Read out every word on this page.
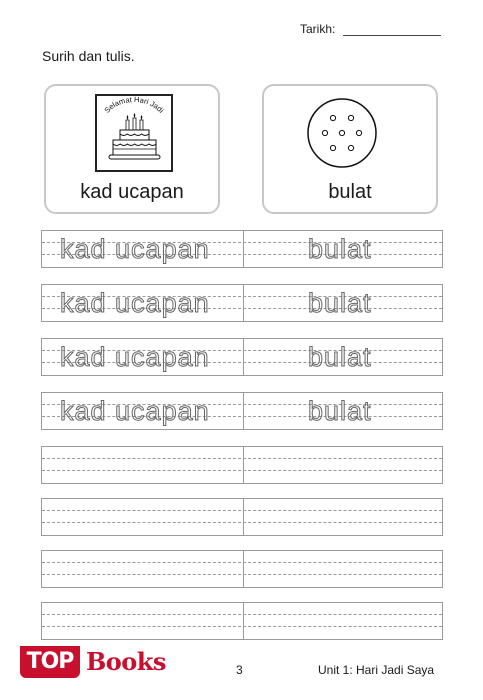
Tarikh:
Surih dan tulis.
Selamat Hari Jadi
kad ucapan	bulat
kad ucapan	bulat
kad ucapan	bulat
kad ucapan	bulat
kad ucapan	bulat
TOP Books	3	Unit 1: Hari Jadi Saya
